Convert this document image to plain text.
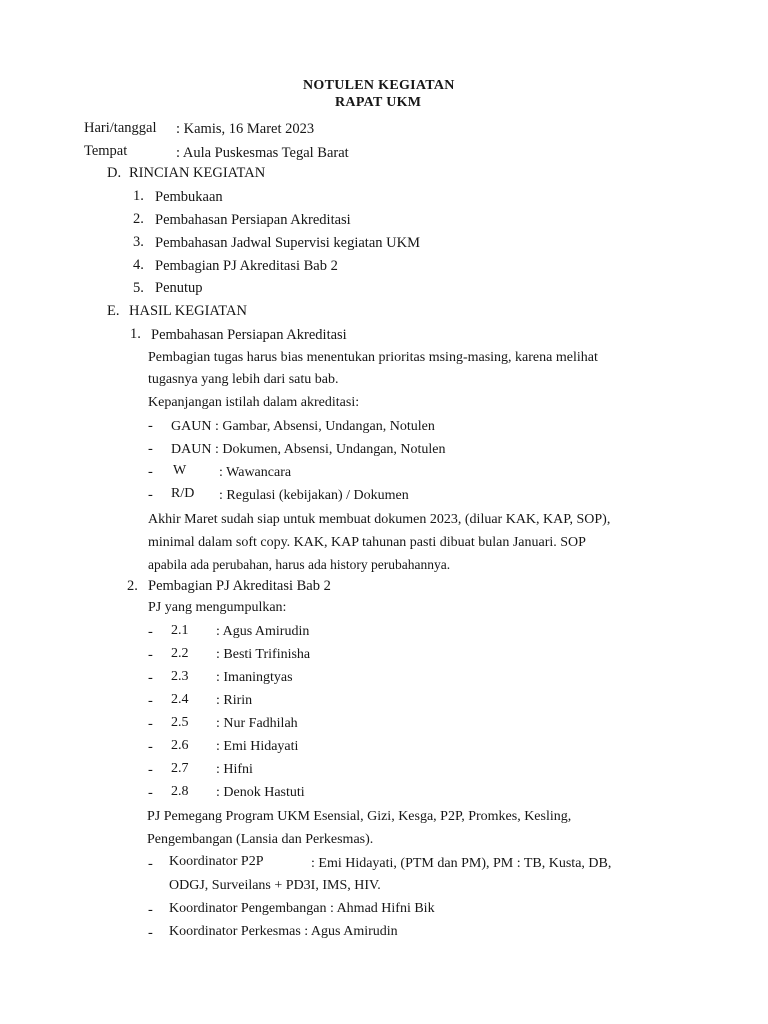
NOTULEN KEGIATAN
RAPAT UKM
Hari/tanggal : Kamis, 16 Maret 2023
Tempat	: Aula Puskesmas Tegal Barat
D. RINCIAN KEGIATAN
1. Pembukaan
2. Pembahasan Persiapan Akreditasi
3. Pembahasan Jadwal Supervisi kegiatan UKM
4. Pembagian PJ Akreditasi Bab 2
5. Penutup
E. HASIL KEGIATAN
1. Pembahasan Persiapan Akreditasi
Pembagian tugas harus bias menentukan prioritas msing-masing, karena melihat
tugasnya yang lebih dari satu bab.
Kepanjangan istilah dalam akreditasi:
- GAUN : Gambar, Absensi, Undangan, Notulen
- DAUN : Dokumen, Absensi, Undangan, Notulen
- W : Wawancara
- R/D : Regulasi (kebijakan) / Dokumen
Akhir Maret sudah siap untuk membuat dokumen 2023, (diluar KAK, KAP, SOP),
minimal dalam soft copy. KAK, KAP tahunan pasti dibuat bulan Januari. SOP
apabila ada perubahan, harus ada history perubahannya.
2. Pembagian PJ Akreditasi Bab 2
PJ yang mengumpulkan:
- 2.1 : Agus Amirudin
- 2.2 : Besti Trifinisha
- 2.3 : Imaningtyas
- 2.4 : Ririn
- 2.5 : Nur Fadhilah
- 2.6 : Emi Hidayati
- 2.7 : Hifni
- 2.8 : Denok Hastuti
PJ Pemegang Program UKM Esensial, Gizi, Kesga, P2P, Promkes, Kesling,
Pengembangan (Lansia dan Perkesmas).
- Koordinator P2P	: Emi Hidayati, (PTM dan PM), PM : TB, Kusta, DB,
ODGJ, Surveilans + PD3I, IMS, HIV.
- Koordinator Pengembangan : Ahmad Hifni Bik
- Koordinator Perkesmas : Agus Amirudin
